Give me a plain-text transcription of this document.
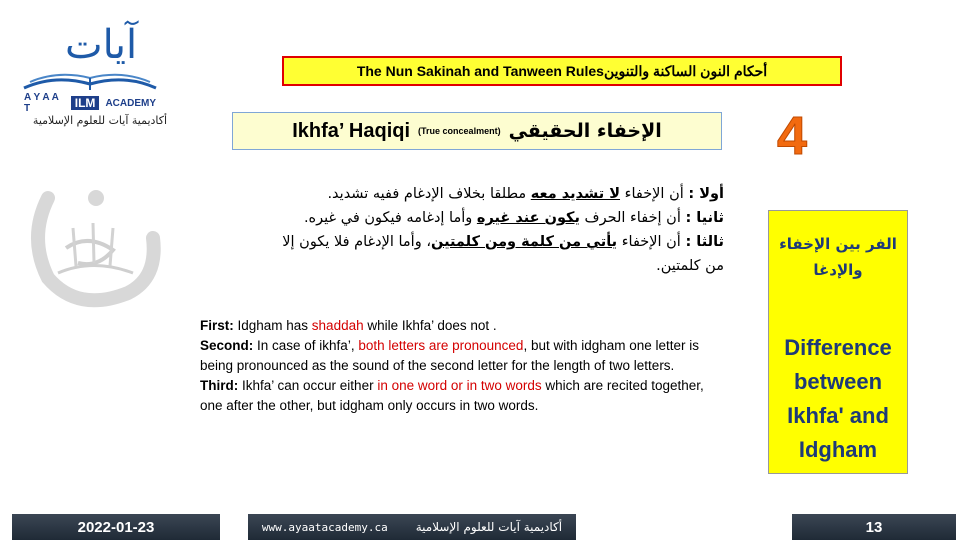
آيات
A Y A A T	ILM	ACADEMY
أكاديمية آيات للعلوم الإسلامية
The Nun Sakinah and Tanween Rules أحكام النون الساكنة والتنوين
Ikhfa’ Haqiqi (True concealment) الإخفاء الحقيقي	4
أولا : أن الإخفاء لا تشديد معه مطلقا بخلاف الإدغام ففيه تشديد.
ثانيا : أن إخفاء الحرف يكون عند غيره وأما إدغامه فيكون في غيره.
ثالثا : أن الإخفاء يأتي من كلمة ومن كلمتين، وأما الإدغام فلا يكون إلا
من كلمتين.
First: Idgham has shaddah while Ikhfa’ does not .
Second: In case of ikhfa’, both letters are pronounced, but with idgham one letter is being pronounced as the sound of the second letter for the length of two letters.
Third: Ikhfa’ can occur either in one word or in two words which are recited together, one after the other, but idgham only occurs in two words.
الفر بين الإخفاء
والإدغا
Difference
between
Ikhfa' and
Idgham
2022-01-23	www.ayaatacademy.ca أكاديمية آيات للعلوم الإسلامية	13
